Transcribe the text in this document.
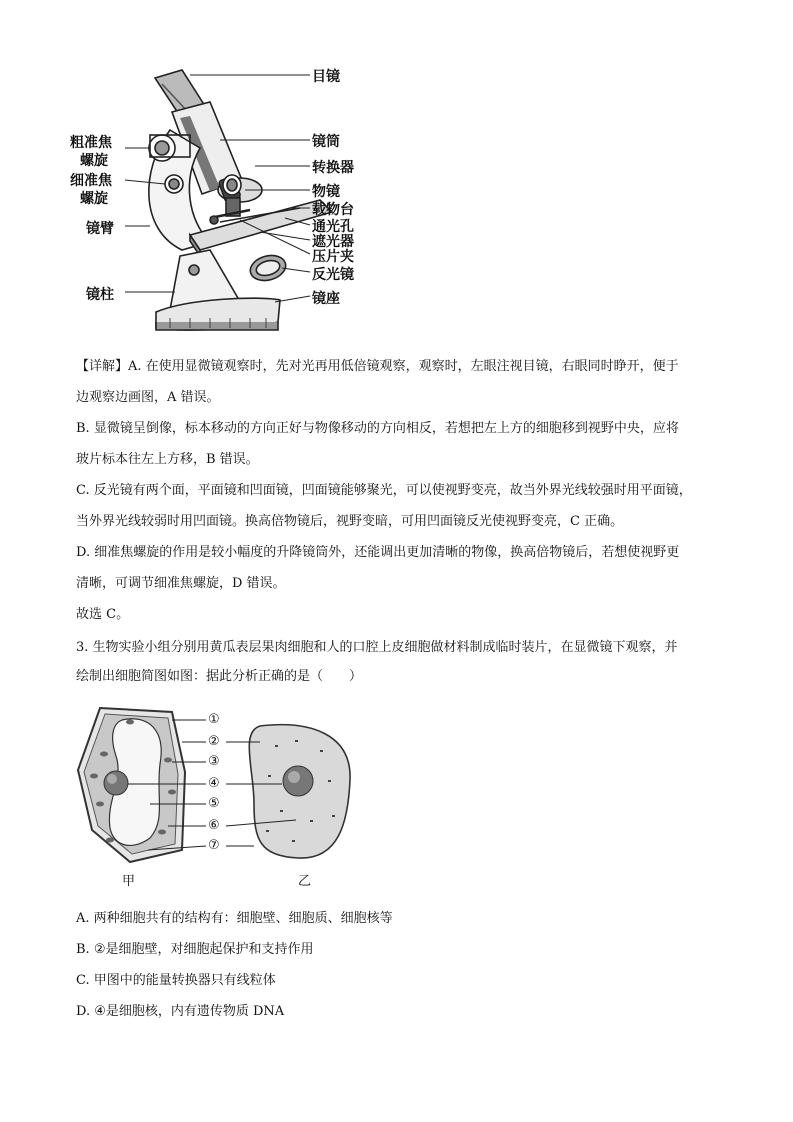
目镜
镜筒
转换器
物镜
载物台
通光孔
遮光器
压片夹
反光镜
镜座
粗准焦
螺旋
细准焦
螺旋
镜臂
镜柱
【详解】A. 在使用显微镜观察时，先对光再用低倍镜观察，观察时，左眼注视目镜，右眼同时睁开，便于
边观察边画图，A 错误。
B. 显微镜呈倒像，标本移动的方向正好与物像移动的方向相反，若想把左上方的细胞移到视野中央，应将
玻片标本往左上方移，B 错误。
C. 反光镜有两个面，平面镜和凹面镜，凹面镜能够聚光，可以使视野变亮，故当外界光线较强时用平面镜，
当外界光线较弱时用凹面镜。换高倍物镜后，视野变暗，可用凹面镜反光使视野变亮，C 正确。
D. 细准焦螺旋的作用是较小幅度的升降镜筒外，还能调出更加清晰的物像，换高倍物镜后，若想使视野更
清晰，可调节细准焦螺旋，D 错误。
故选 C。
3. 生物实验小组分别用黄瓜表层果肉细胞和人的口腔上皮细胞做材料制成临时装片，在显微镜下观察，并
绘制出细胞简图如图：据此分析正确的是（　　）
①
②
③
④
⑤
⑥
⑦
甲	乙
A. 两种细胞共有的结构有：细胞壁、细胞质、细胞核等
B. ②是细胞壁，对细胞起保护和支持作用
C. 甲图中的能量转换器只有线粒体
D. ④是细胞核，内有遗传物质 DNA
